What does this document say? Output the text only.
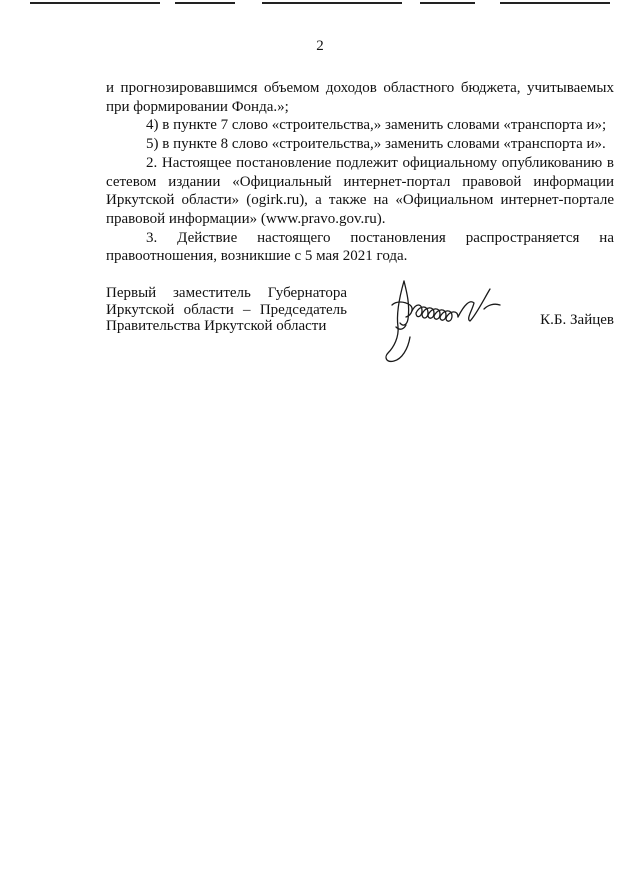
2

и прогнозировавшимся объемом доходов областного бюджета, учитываемых при формировании Фонда.»;

4) в пункте 7 слово «строительства,» заменить словами «транспорта и»;

5) в пункте 8 слово «строительства,» заменить словами «транспорта и».

2. Настоящее постановление подлежит официальному опубликованию в сетевом издании «Официальный интернет-портал правовой информации Иркутской области» (ogirk.ru), а также на «Официальном интернет-портале правовой информации» (www.pravo.gov.ru).

3. Действие настоящего постановления распространяется на правоотношения, возникшие с 5 мая 2021 года.

Первый заместитель Губернатора
Иркутской области – Председатель
Правительства Иркутской области	К.Б. Зайцев
